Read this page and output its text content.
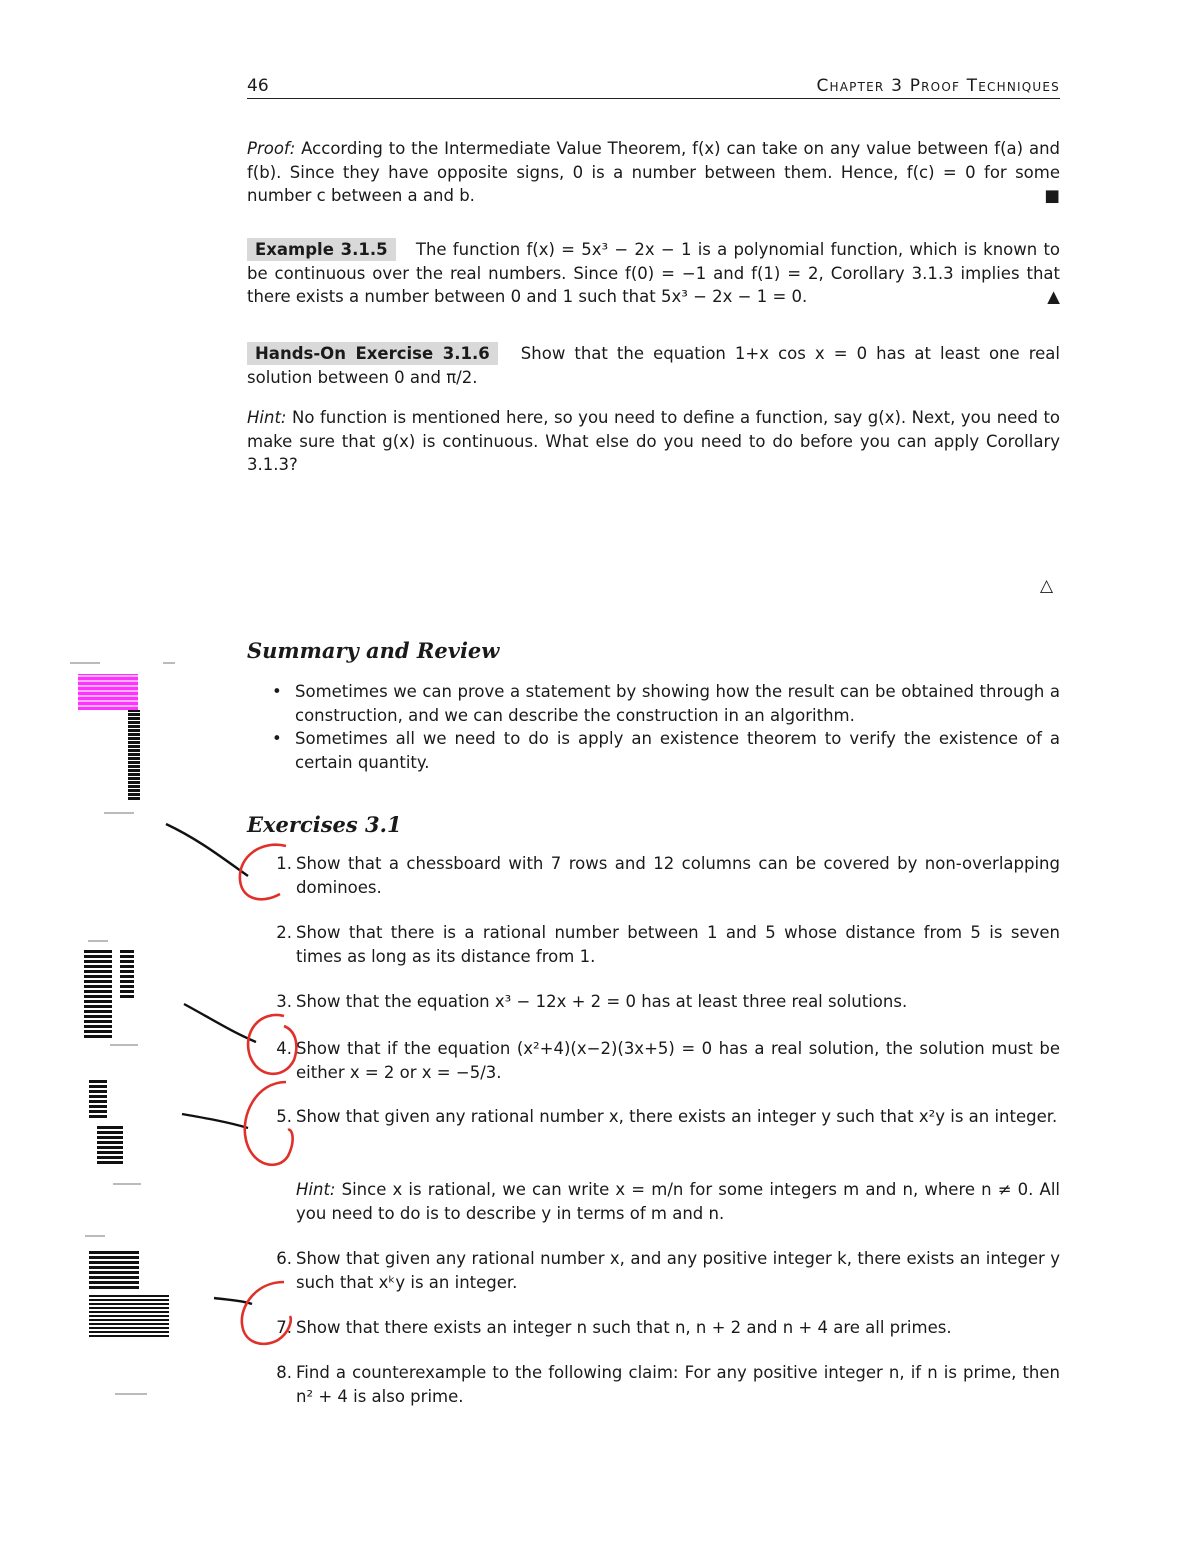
46	Chapter 3 Proof Techniques
Proof: According to the Intermediate Value Theorem, f(x) can take on any value between f(a) and f(b). Since they have opposite signs, 0 is a number between them. Hence, f(c) = 0 for some number c between a and b.	■
Example 3.1.5 The function f(x) = 5x³ − 2x − 1 is a polynomial function, which is known to be continuous over the real numbers. Since f(0) = −1 and f(1) = 2, Corollary 3.1.3 implies that there exists a number between 0 and 1 such that 5x³ − 2x − 1 = 0.	▲
Hands-On Exercise 3.1.6 Show that the equation 1+x cos x = 0 has at least one real solution between 0 and π/2.
Hint: No function is mentioned here, so you need to define a function, say g(x). Next, you need to make sure that g(x) is continuous. What else do you need to do before you can apply Corollary 3.1.3?
△
Summary and Review
• Sometimes we can prove a statement by showing how the result can be obtained through a construction, and we can describe the construction in an algorithm.
• Sometimes all we need to do is apply an existence theorem to verify the existence of a certain quantity.
Exercises 3.1
1. Show that a chessboard with 7 rows and 12 columns can be covered by non-overlapping dominoes.
2. Show that there is a rational number between 1 and 5 whose distance from 5 is seven times as long as its distance from 1.
3. Show that the equation x³ − 12x + 2 = 0 has at least three real solutions.
4. Show that if the equation (x²+4)(x−2)(3x+5) = 0 has a real solution, the solution must be either x = 2 or x = −5/3.
5. Show that given any rational number x, there exists an integer y such that x²y is an integer.
Hint: Since x is rational, we can write x = m/n for some integers m and n, where n ≠ 0. All you need to do is to describe y in terms of m and n.
6. Show that given any rational number x, and any positive integer k, there exists an integer y such that xᵏy is an integer.
7. Show that there exists an integer n such that n, n + 2 and n + 4 are all primes.
8. Find a counterexample to the following claim: For any positive integer n, if n is prime, then n² + 4 is also prime.
